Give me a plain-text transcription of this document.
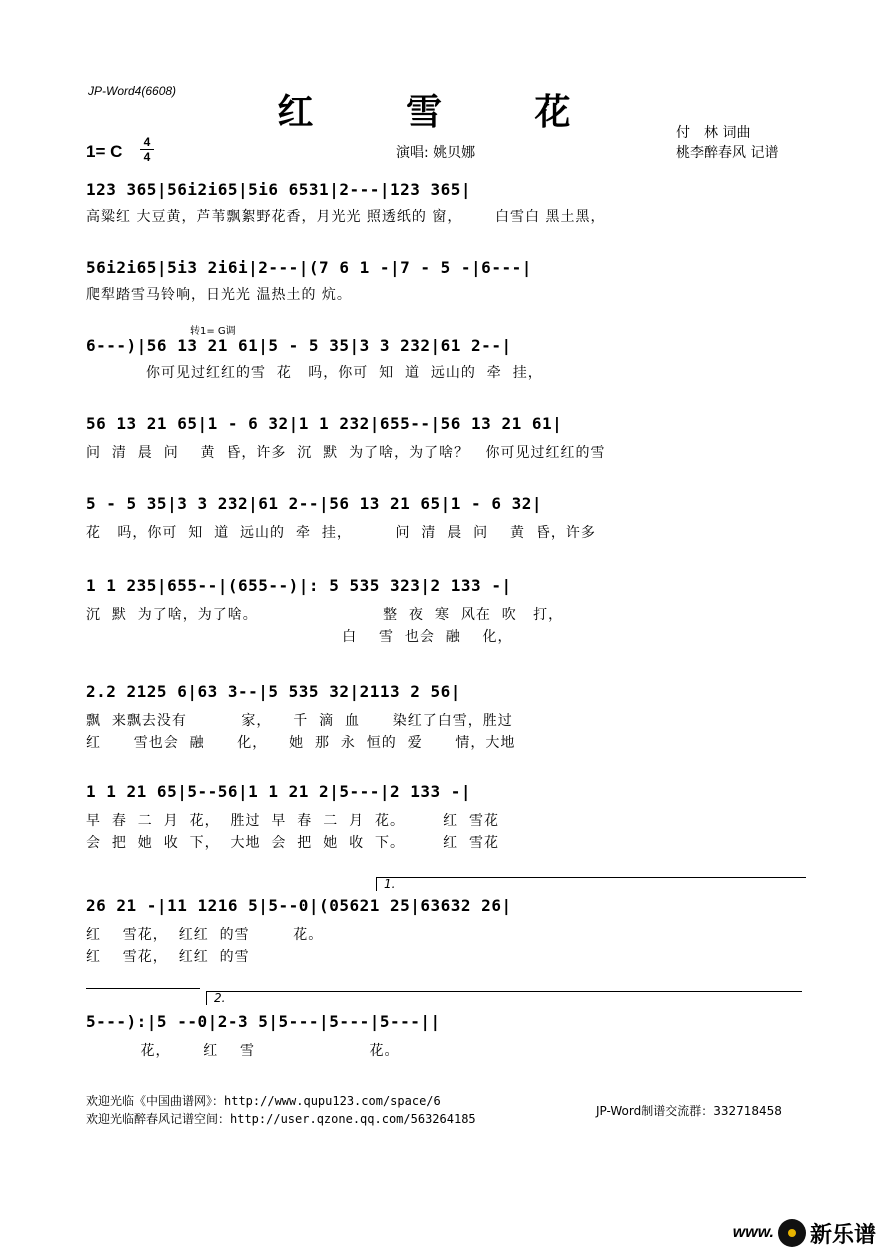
JP-Word4(6608)	红 雪 花
1= C	4
4	演唱: 姚贝娜
付　林 词曲
桃李醉春风 记谱
转1= G调
123 365|56i2i65|5i6 6531|2---|123 365|
高粱红 大豆黄，芦苇飘絮野花香，月光光 照透纸的 窗，      白雪白 黑土黑，
56i2i65|5i3 2i6i|2---|(7 6 1 -|7 - 5 -|6---|
爬犁踏雪马铃响，日光光 温热土的 炕。
6---)|56 13 21 61|5 - 5 35|3 3 232|61 2--|
你可见过红红的雪  花   吗，你可  知  道  远山的  牵  挂，
56 13 21 65|1 - 6 32|1 1 232|655--|56 13 21 61|
问  清  晨  问    黄  昏，许多  沉  默  为了啥，为了啥？   你可见过红红的雪
5 - 5 35|3 3 232|61 2--|56 13 21 65|1 - 6 32|
花   吗，你可  知  道  远山的  牵  挂，        问  清  晨  问    黄  昏，许多
1 1 235|655--|(655--)|: 5 535 323|2 133 -|
沉  默  为了啥，为了啥。                       整  夜  寒  风在  吹   打，
白    雪  也会  融    化，
2.2 2125 6|63 3--|5 535 32|2113 2 56|
飘  来飘去没有          家，    千  滴  血      染红了白雪，胜过
红      雪也会  融      化，    她  那  永  恒的  爱      情，大地
1 1 21 65|5--56|1 1 21 2|5---|2 133 -|
早  春  二  月  花，  胜过  早  春  二  月  花。       红  雪花
会  把  她  收  下，  大地  会  把  她  收  下。       红  雪花
1.
26 21 -|11 1216 5|5--0|(05621 25|63632 26|
红    雪花，  红红  的雪        花。
红    雪花，  红红  的雪
2.
5---):|5 --0|2-3 5|5---|5---|5---||
花，      红    雪                     花。
欢迎光临《中国曲谱网》：http://www.qupu123.com/space/6
欢迎光临醉春风记谱空间：http://user.qzone.qq.com/563264185
JP-Word制谱交流群：332718458
www. 新乐谱
